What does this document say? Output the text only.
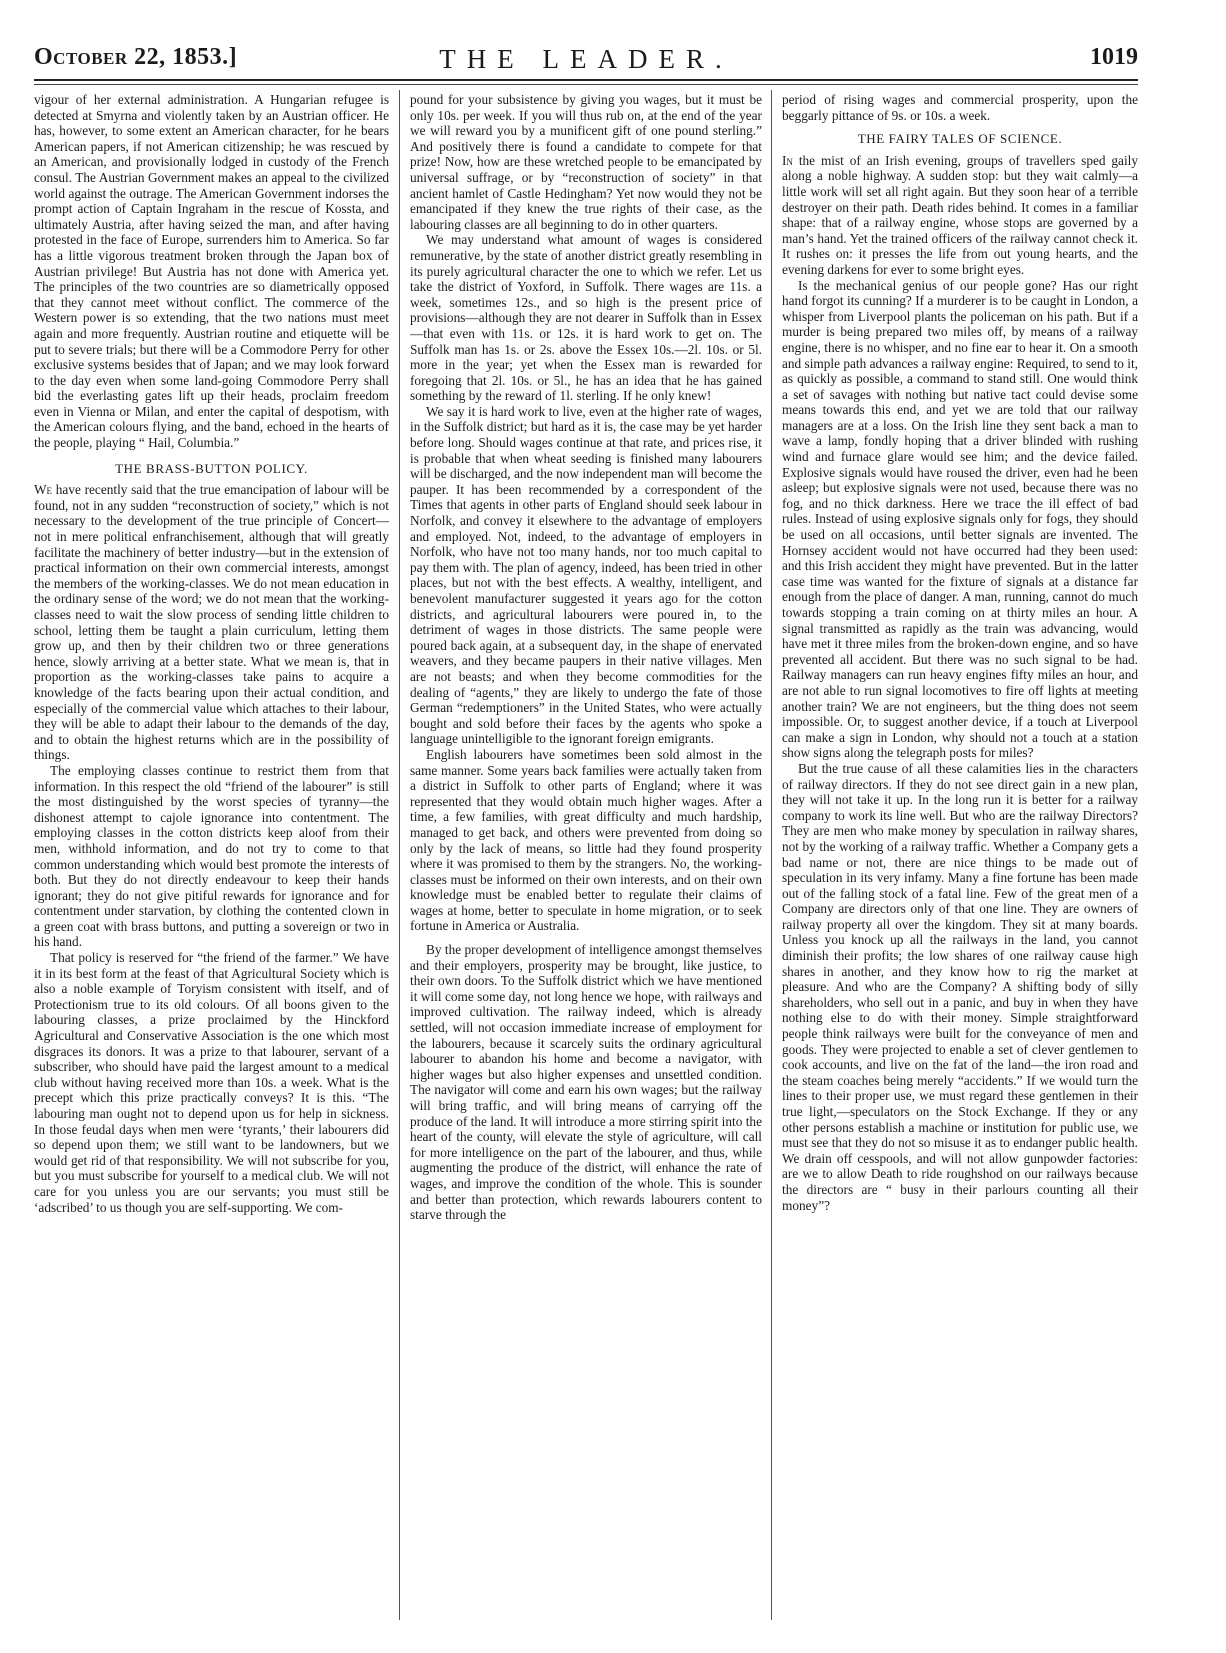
October 22, 1853.]	THE LEADER.	1019

vigour of her external administration. A Hungarian refugee is detected at Smyrna and violently taken by an Austrian officer. He has, however, to some extent an American character, for he bears American papers, if not American citizenship; he was rescued by an American, and provisionally lodged in custody of the French consul. The Austrian Government makes an appeal to the civilized world against the outrage. The American Government indorses the prompt action of Captain Ingraham in the rescue of Kossta, and ultimately Austria, after having seized the man, and after having protested in the face of Europe, surrenders him to America. So far has a little vigorous treatment broken through the Japan box of Austrian privilege! But Austria has not done with America yet. The principles of the two countries are so diametrically opposed that they cannot meet without conflict. The commerce of the Western power is so extending, that the two nations must meet again and more frequently. Austrian routine and etiquette will be put to severe trials; but there will be a Commodore Perry for other exclusive systems besides that of Japan; and we may look forward to the day even when some land-going Commodore Perry shall bid the everlasting gates lift up their heads, proclaim freedom even in Vienna or Milan, and enter the capital of despotism, with the American colours flying, and the band, echoed in the hearts of the people, playing “ Hail, Columbia.”

THE BRASS-BUTTON POLICY.

We have recently said that the true emancipation of labour will be found, not in any sudden “reconstruction of society,” which is not necessary to the development of the true principle of Concert—not in mere political enfranchisement, although that will greatly facilitate the machinery of better industry—but in the extension of practical information on their own commercial interests, amongst the members of the working-classes. We do not mean education in the ordinary sense of the word; we do not mean that the working-classes need to wait the slow process of sending little children to school, letting them be taught a plain curriculum, letting them grow up, and then by their children two or three generations hence, slowly arriving at a better state. What we mean is, that in proportion as the working-classes take pains to acquire a knowledge of the facts bearing upon their actual condition, and especially of the commercial value which attaches to their labour, they will be able to adapt their labour to the demands of the day, and to obtain the highest returns which are in the possibility of things.

The employing classes continue to restrict them from that information. In this respect the old “friend of the labourer” is still the most distinguished by the worst species of tyranny—the dishonest attempt to cajole ignorance into contentment. The employing classes in the cotton districts keep aloof from their men, withhold information, and do not try to come to that common understanding which would best promote the interests of both. But they do not directly endeavour to keep their hands ignorant; they do not give pitiful rewards for ignorance and for contentment under starvation, by clothing the contented clown in a green coat with brass buttons, and putting a sovereign or two in his hand.

That policy is reserved for “the friend of the farmer.” We have it in its best form at the feast of that Agricultural Society which is also a noble example of Toryism consistent with itself, and of Protectionism true to its old colours. Of all boons given to the labouring classes, a prize proclaimed by the Hinckford Agricultural and Conservative Association is the one which most disgraces its donors. It was a prize to that labourer, servant of a subscriber, who should have paid the largest amount to a medical club without having received more than 10s. a week. What is the precept which this prize practically conveys? It is this. “The labouring man ought not to depend upon us for help in sickness. In those feudal days when men were ‘tyrants,’ their labourers did so depend upon them; we still want to be landowners, but we would get rid of that responsibility. We will not subscribe for you, but you must subscribe for yourself to a medical club. We will not care for you unless you are our servants; you must still be ‘adscribed’ to us though you are self-supporting. We com-

pound for your subsistence by giving you wages, but it must be only 10s. per week. If you will thus rub on, at the end of the year we will reward you by a munificent gift of one pound sterling.” And positively there is found a candidate to compete for that prize! Now, how are these wretched people to be emancipated by universal suffrage, or by “reconstruction of society” in that ancient hamlet of Castle Hedingham? Yet now would they not be emancipated if they knew the true rights of their case, as the labouring classes are all beginning to do in other quarters.

We may understand what amount of wages is considered remunerative, by the state of another district greatly resembling in its purely agricultural character the one to which we refer. Let us take the district of Yoxford, in Suffolk. There wages are 11s. a week, sometimes 12s., and so high is the present price of provisions—although they are not dearer in Suffolk than in Essex—that even with 11s. or 12s. it is hard work to get on. The Suffolk man has 1s. or 2s. above the Essex 10s.—2l. 10s. or 5l. more in the year; yet when the Essex man is rewarded for foregoing that 2l. 10s. or 5l., he has an idea that he has gained something by the reward of 1l. sterling. If he only knew!

We say it is hard work to live, even at the higher rate of wages, in the Suffolk district; but hard as it is, the case may be yet harder before long. Should wages continue at that rate, and prices rise, it is probable that when wheat seeding is finished many labourers will be discharged, and the now independent man will become the pauper. It has been recommended by a correspondent of the Times that agents in other parts of England should seek labour in Norfolk, and convey it elsewhere to the advantage of employers and employed. Not, indeed, to the advantage of employers in Norfolk, who have not too many hands, nor too much capital to pay them with. The plan of agency, indeed, has been tried in other places, but not with the best effects. A wealthy, intelligent, and benevolent manufacturer suggested it years ago for the cotton districts, and agricultural labourers were poured in, to the detriment of wages in those districts. The same people were poured back again, at a subsequent day, in the shape of enervated weavers, and they became paupers in their native villages. Men are not beasts; and when they become commodities for the dealing of “agents,” they are likely to undergo the fate of those German “redemptioners” in the United States, who were actually bought and sold before their faces by the agents who spoke a language unintelligible to the ignorant foreign emigrants.

English labourers have sometimes been sold almost in the same manner. Some years back families were actually taken from a district in Suffolk to other parts of England; where it was represented that they would obtain much higher wages. After a time, a few families, with great difficulty and much hardship, managed to get back, and others were prevented from doing so only by the lack of means, so little had they found prosperity where it was promised to them by the strangers. No, the working-classes must be informed on their own interests, and on their own knowledge must be enabled better to regulate their claims of wages at home, better to speculate in home migration, or to seek fortune in America or Australia.

By the proper development of intelligence amongst themselves and their employers, prosperity may be brought, like justice, to their own doors. To the Suffolk district which we have mentioned it will come some day, not long hence we hope, with railways and improved cultivation. The railway indeed, which is already settled, will not occasion immediate increase of employment for the labourers, because it scarcely suits the ordinary agricultural labourer to abandon his home and become a navigator, with higher wages but also higher expenses and unsettled condition. The navigator will come and earn his own wages; but the railway will bring traffic, and will bring means of carrying off the produce of the land. It will introduce a more stirring spirit into the heart of the county, will elevate the style of agriculture, will call for more intelligence on the part of the labourer, and thus, while augmenting the produce of the district, will enhance the rate of wages, and improve the condition of the whole. This is sounder and better than protection, which rewards labourers content to starve through the

period of rising wages and commercial prosperity, upon the beggarly pittance of 9s. or 10s. a week.

THE FAIRY TALES OF SCIENCE.

In the mist of an Irish evening, groups of travellers sped gaily along a noble highway. A sudden stop: but they wait calmly—a little work will set all right again. But they soon hear of a terrible destroyer on their path. Death rides behind. It comes in a familiar shape: that of a railway engine, whose stops are governed by a man’s hand. Yet the trained officers of the railway cannot check it. It rushes on: it presses the life from out young hearts, and the evening darkens for ever to some bright eyes.

Is the mechanical genius of our people gone? Has our right hand forgot its cunning? If a murderer is to be caught in London, a whisper from Liverpool plants the policeman on his path. But if a murder is being prepared two miles off, by means of a railway engine, there is no whisper, and no fine ear to hear it. On a smooth and simple path advances a railway engine: Required, to send to it, as quickly as possible, a command to stand still. One would think a set of savages with nothing but native tact could devise some means towards this end, and yet we are told that our railway managers are at a loss. On the Irish line they sent back a man to wave a lamp, fondly hoping that a driver blinded with rushing wind and furnace glare would see him; and the device failed. Explosive signals would have roused the driver, even had he been asleep; but explosive signals were not used, because there was no fog, and no thick darkness. Here we trace the ill effect of bad rules. Instead of using explosive signals only for fogs, they should be used on all occasions, until better signals are invented. The Hornsey accident would not have occurred had they been used: and this Irish accident they might have prevented. But in the latter case time was wanted for the fixture of signals at a distance far enough from the place of danger. A man, running, cannot do much towards stopping a train coming on at thirty miles an hour. A signal transmitted as rapidly as the train was advancing, would have met it three miles from the broken-down engine, and so have prevented all accident. But there was no such signal to be had. Railway managers can run heavy engines fifty miles an hour, and are not able to run signal locomotives to fire off lights at meeting another train? We are not engineers, but the thing does not seem impossible. Or, to suggest another device, if a touch at Liverpool can make a sign in London, why should not a touch at a station show signs along the telegraph posts for miles?

But the true cause of all these calamities lies in the characters of railway directors. If they do not see direct gain in a new plan, they will not take it up. In the long run it is better for a railway company to work its line well. But who are the railway Directors? They are men who make money by speculation in railway shares, not by the working of a railway traffic. Whether a Company gets a bad name or not, there are nice things to be made out of speculation in its very infamy. Many a fine fortune has been made out of the falling stock of a fatal line. Few of the great men of a Company are directors only of that one line. They are owners of railway property all over the kingdom. They sit at many boards. Unless you knock up all the railways in the land, you cannot diminish their profits; the low shares of one railway cause high shares in another, and they know how to rig the market at pleasure. And who are the Company? A shifting body of silly shareholders, who sell out in a panic, and buy in when they have nothing else to do with their money. Simple straightforward people think railways were built for the conveyance of men and goods. They were projected to enable a set of clever gentlemen to cook accounts, and live on the fat of the land—the iron road and the steam coaches being merely “accidents.” If we would turn the lines to their proper use, we must regard these gentlemen in their true light,—speculators on the Stock Exchange. If they or any other persons establish a machine or institution for public use, we must see that they do not so misuse it as to endanger public health. We drain off cesspools, and will not allow gunpowder factories: are we to allow Death to ride roughshod on our railways because the directors are “ busy in their parlours counting all their money”?
